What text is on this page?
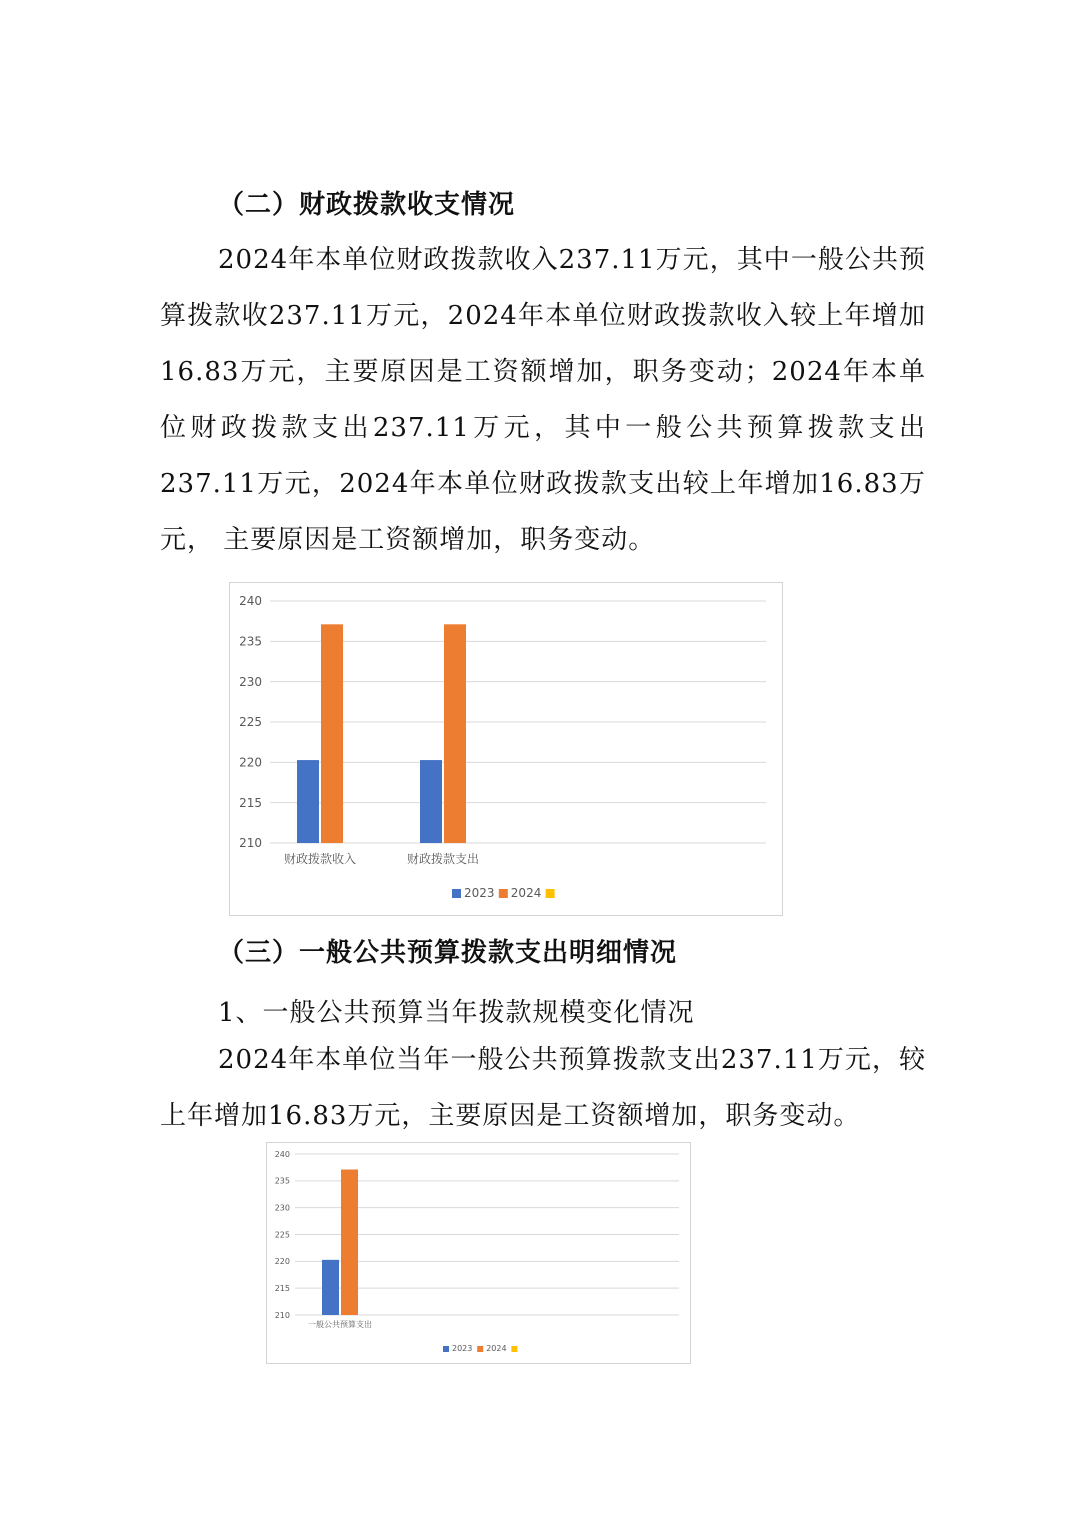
（二）财政拨款收支情况
2024年本单位财政拨款收入237.11万元，其中一般公共预算拨款收237.11万元，2024年本单位财政拨款收入较上年增加16.83万元，主要原因是工资额增加，职务变动；2024年本单位财政拨款支出237.11万元，其中一般公共预算拨款支出237.11万元，2024年本单位财政拨款支出较上年增加16.83万元， 主要原因是工资额增加，职务变动。
240
235
230
225
220
215
210
财政拨款收入	财政拨款支出
2023 2024
（三）一般公共预算拨款支出明细情况
1、一般公共预算当年拨款规模变化情况
2024年本单位当年一般公共预算拨款支出237.11万元，较上年增加16.83万元，主要原因是工资额增加，职务变动。
240
235
230
225
220
215
210
一般公共预算支出
2023 2024
